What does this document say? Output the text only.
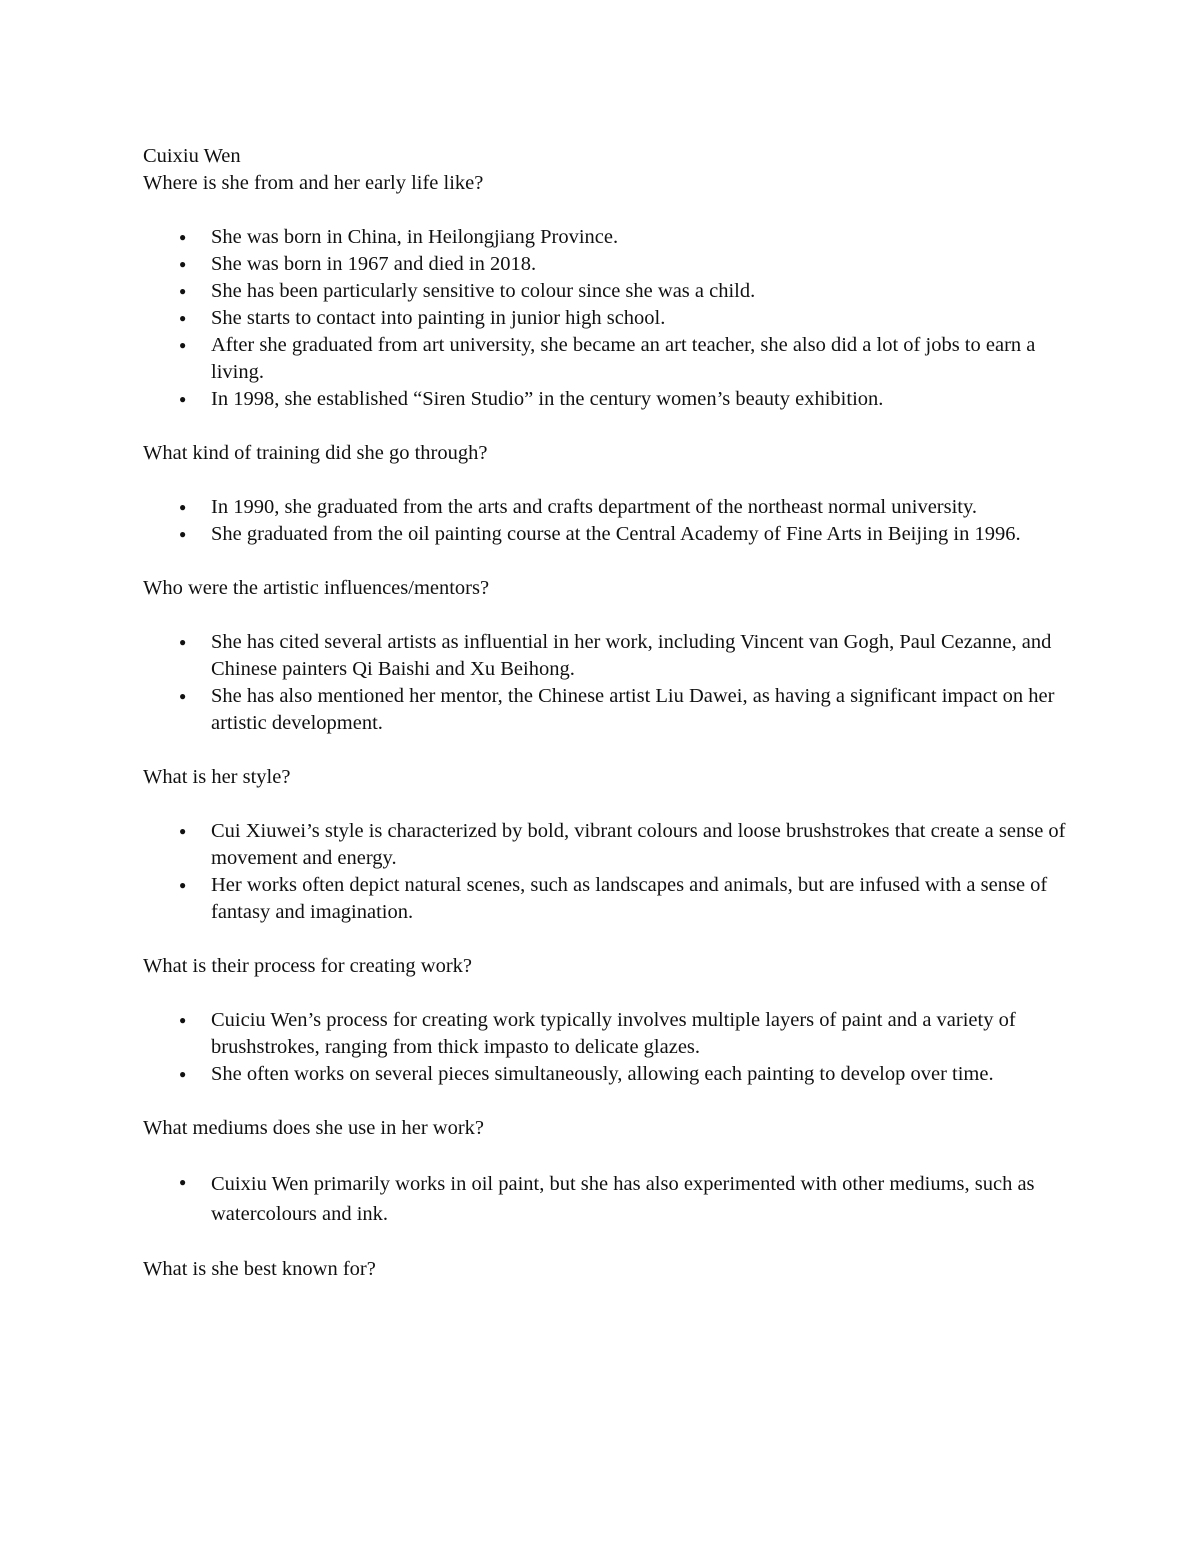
Cuixiu Wen

Where is she from and her early life like?

● She was born in China, in Heilongjiang Province.
● She was born in 1967 and died in 2018.
● She has been particularly sensitive to colour since she was a child.
● She starts to contact into painting in junior high school.
● After she graduated from art university, she became an art teacher, she also did a lot of jobs to earn a living.
● In 1998, she established “Siren Studio” in the century women’s beauty exhibition.

What kind of training did she go through?

● In 1990, she graduated from the arts and crafts department of the northeast normal university.
● She graduated from the oil painting course at the Central Academy of Fine Arts in Beijing in 1996.

Who were the artistic influences/mentors?

● She has cited several artists as influential in her work, including Vincent van Gogh, Paul Cezanne, and Chinese painters Qi Baishi and Xu Beihong.
● She has also mentioned her mentor, the Chinese artist Liu Dawei, as having a significant impact on her artistic development.

What is her style?

● Cui Xiuwei’s style is characterized by bold, vibrant colours and loose brushstrokes that create a sense of movement and energy.
● Her works often depict natural scenes, such as landscapes and animals, but are infused with a sense of fantasy and imagination.

What is their process for creating work?

● Cuiciu Wen’s process for creating work typically involves multiple layers of paint and a variety of brushstrokes, ranging from thick impasto to delicate glazes.
● She often works on several pieces simultaneously, allowing each painting to develop over time.

What mediums does she use in her work?

● Cuixiu Wen primarily works in oil paint, but she has also experimented with other mediums, such as watercolours and ink.

What is she best known for?
